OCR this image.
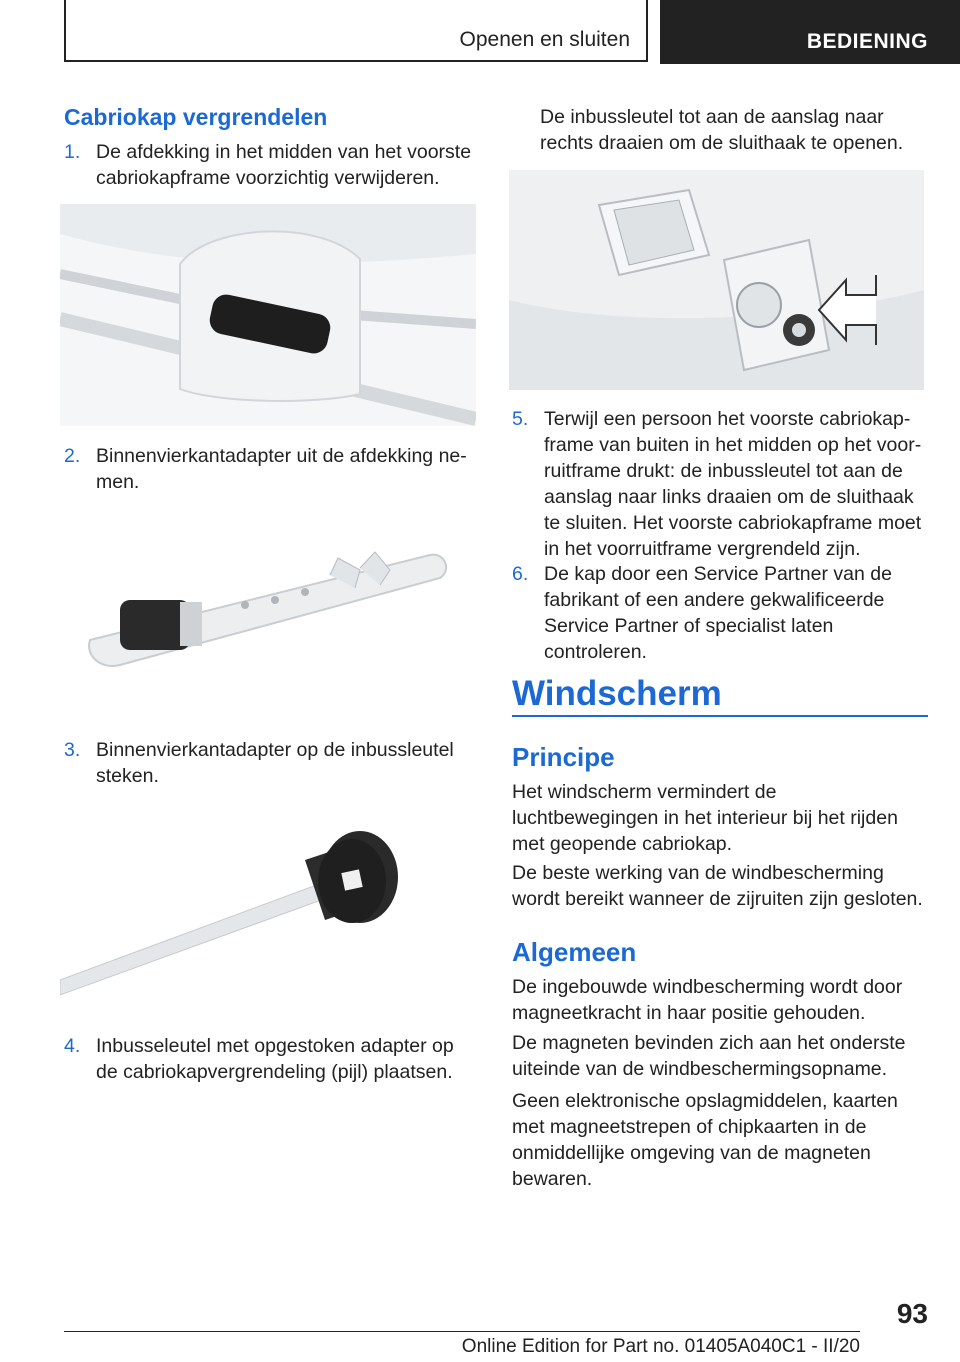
Openen en sluiten	BEDIENING
Cabriokap vergrendelen
1. De afdekking in het midden van het voorste cabriokapframe voorzichtig verwijderen.
2. Binnenvierkantadapter uit de afdekking nemen.
3. Binnenvierkantadapter op de inbussleutel steken.
4. Inbusseleutel met opgestoken adapter op de cabriokapvergrendeling (pijl) plaatsen.
De inbussleutel tot aan de aanslag naar rechts draaien om de sluithaak te openen.
5. Terwijl een persoon het voorste cabriokapframe van buiten in het midden op het voorruitframe drukt: de inbussleutel tot aan de aanslag naar links draaien om de sluithaak te sluiten. Het voorste cabriokapframe moet in het voorruitframe vergrendeld zijn.
6. De kap door een Service Partner van de fabrikant of een andere gekwalificeerde Service Partner of specialist laten controleren.
Windscherm
Principe
Het windscherm vermindert de luchtbewegingen in het interieur bij het rijden met geopende cabriokap.
De beste werking van de windbescherming wordt bereikt wanneer de zijruiten zijn gesloten.
Algemeen
De ingebouwde windbescherming wordt door magneetkracht in haar positie gehouden.
De magneten bevinden zich aan het onderste uiteinde van de windbeschermingsopname.
Geen elektronische opslagmiddelen, kaarten met magneetstrepen of chipkaarten in de onmiddellijke omgeving van de magneten bewaren.
93
Online Edition for Part no. 01405A040C1 - II/20
